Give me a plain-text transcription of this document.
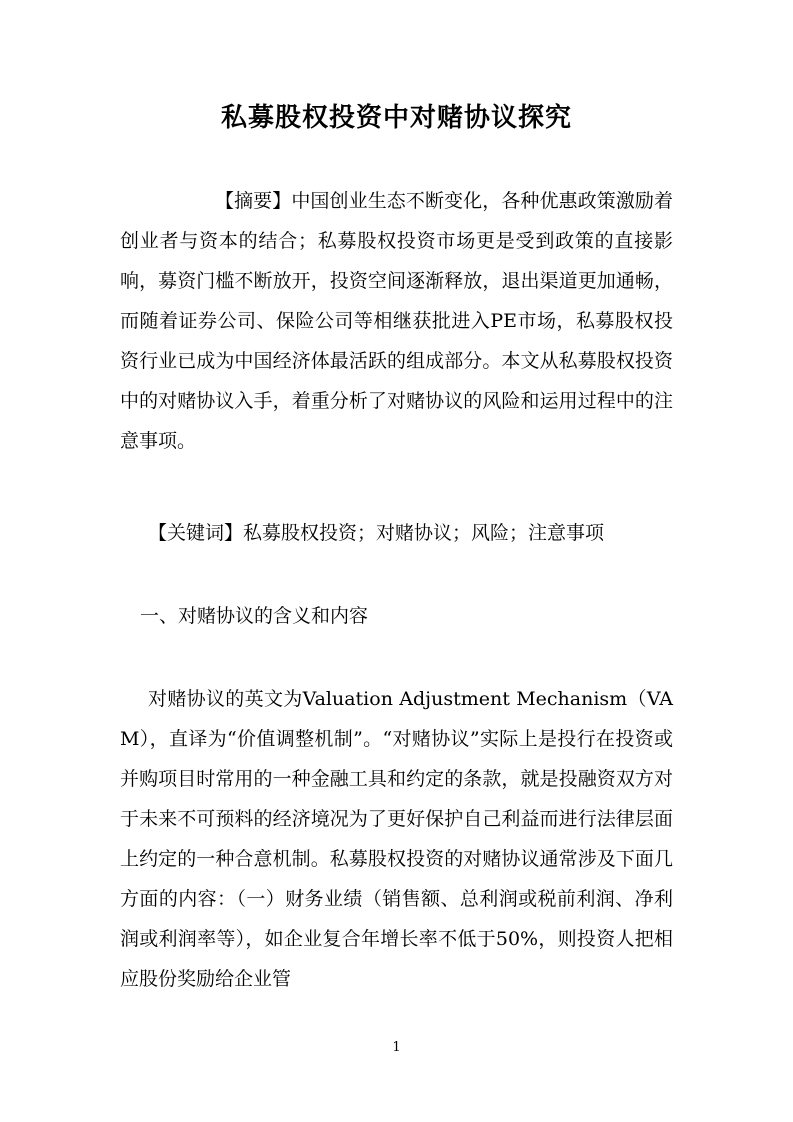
私募股权投资中对赌协议探究

【摘要】中国创业生态不断变化，各种优惠政策激励着创业者与资本的结合；私募股权投资市场更是受到政策的直接影响，募资门槛不断放开，投资空间逐渐释放，退出渠道更加通畅，而随着证券公司、保险公司等相继获批进入PE市场，私募股权投资行业已成为中国经济体最活跃的组成部分。本文从私募股权投资中的对赌协议入手，着重分析了对赌协议的风险和运用过程中的注意事项。

【关键词】私募股权投资；对赌协议；风险；注意事项

一、对赌协议的含义和内容

对赌协议的英文为Valuation Adjustment Mechanism（VAM），直译为“价值调整机制”。“对赌协议”实际上是投行在投资或并购项目时常用的一种金融工具和约定的条款，就是投融资双方对于未来不可预料的经济境况为了更好保护自己利益而进行法律层面上约定的一种合意机制。私募股权投资的对赌协议通常涉及下面几方面的内容：（一）财务业绩（销售额、总利润或税前利润、净利润或利润率等），如企业复合年增长率不低于50%，则投资人把相应股份奖励给企业管

1
